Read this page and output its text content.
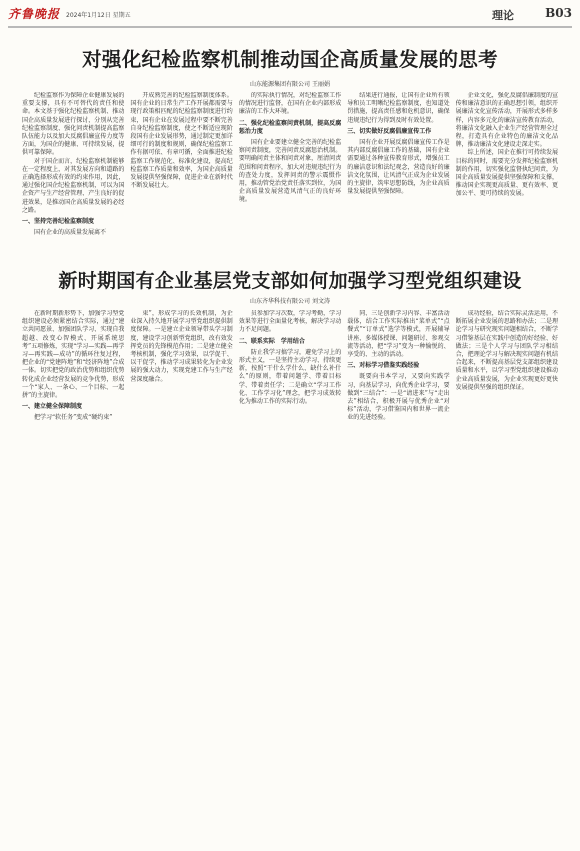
齐鲁晚报 2024年1月12日 星期五	理论	B03
对强化纪检监察机制推动国企高质量发展的思考
山东能源集团有限公司 王丽娟

纪检监察作为保障企业健康发展的重要支撑，具有不可替代的责任和使命。本文基于强化纪检监察机制、推动国企高质量发展进行探讨，分别从完善纪检监察制度、强化问责机制提高监察队伍能力以及加大反腐倡廉宣传力度等方面，为国企的健康、可持续发展，提供可靠保障。

对于国企而言，纪检监察机制能够在一定程度上，对其发展方向和道路的正确选择形成有效的约束作用，因此，通过强化国企纪检监察机制，可以为国企资产与生产经营管理、产生良好的促进效果，是推动国企高质量发展的必经之路。

一、坚持完善纪检监察制度

国有企业的高质量发展离不

开成熟完善的纪检监察制度体系。国有企业的日常生产工作开展都需要与现行政策相匹配的纪检监察制度进行约束，国有企业在发展过程中要不断完善自身纪检监察制度，使之不断适应现阶段国有企业发展形势，通过制定更加详细可行的制度和规则，确保纪检监察工作有据可依、有章可循，全面推进纪检监察工作规范化、标准化建设，提高纪检监察工作质量和效率，为国企高质量发展提供坚强保障，促进企业在新时代不断发展壮大。

的实际执行情况，对纪检监察工作的情况进行监督，在国有企业内部形成廉洁的工作大环境。

二、强化纪检监察问责机制，提高反腐惩治力度

国有企业要建立健全完善的纪检监察问责制度，完善问责反腐惩治机制。要明确问责主体和问责对象，厘清问责范围和问责程序，加大对违规违纪行为的查处力度，发挥问责的警示震慑作用，推动管党治党责任落实到位，为国企高质量发展营造风清气正的良好环境。

结果进行通报，让国有企业所有领导和员工明晰纪检监察制度，也知道处罚措施，提高责任感和危机意识，确保违规违纪行为得到及时有效处置。

三、切实做好反腐倡廉宣传工作

国有企业开展反腐倡廉宣传工作是其内部反腐倡廉工作的基础，国有企业需要通过各种宣传教育形式，增强员工的廉洁意识和法纪观念，营造良好的廉洁文化氛围，让风清气正成为企业发展的主旋律，筑牢思想防线，为企业高质量发展提供坚强保障。

企业文化，强化反腐倡廉制度的宣传和廉洁意识的正确思想引领，组织开展廉洁文化宣传活动，开展形式多样多样，内容多元化的廉洁宣传教育活动，将廉洁文化融入企业生产经营管理全过程，打造具有企业特色的廉洁文化品牌，推动廉洁文化建设走深走实。

综上所述，国企在推行可持续发展目标的同时，需要充分发挥纪检监察机制的作用，切实强化监督执纪问责，为国企高质量发展提供坚强保障和支撑，推动国企实现更高质量、更有效率、更加公平、更可持续的发展。

新时期国有企业基层党支部如何加强学习型党组织建设
山东齐华科技有限公司 刘文涛

在新时期新形势下，加强学习型党组织建设必须紧密结合实际，通过“建立共同愿景、加强团队学习、实现自我超越、改变心智模式、开展系统思考”五项修炼，实现“学习—实践—再学习—再实践—成功”的循环往复过程，把企业的“党建阵地”和“经济阵地”合成一体。切实把党的政治优势和组织优势转化成企业经营发展的竞争优势，形成一个“家人、一条心、一个目标、一起拼”的主旋律。

一、建立健全保障制度

把学习“软任务”变成“硬约束”

束”，形成学习的长效机制，为企业深入持久地开展学习型党组织提供制度保障。一是建立企业领导带头学习制度，建设学习创新型党组织，改有效发挥党员的先锋模范作用；二是建立健全考核机制，强化学习效果，以学促干、以干促学，推动学习成果转化为企业发展的强大动力，实现党建工作与生产经营深度融合。

员参加学习次数，学习考勤，学习效果等进行全面量化考核，解决学习动力不足问题。

二、联系实际　学用结合

防止我学习搞学习，避免学习上的形式主义，一是坚持主动学习、持续更新，按照“干什么学什么、缺什么补什么”的原则，带着问题学、带着目标学、带着责任学；二是确立“学习工作化、工作学习化”理念，把学习成效转化为推动工作的实际行动。

同、三是创新学习内容、丰富活动载体，结合工作实际推出“菜单式”“点餐式”“订单式”选学等模式，开展辅导讲座、多媒体授课、问题研讨、参观交流等活动，把“学习”变为一种愉悦的、享受的、主动的活动。

三、对标学习借鉴实践经验

既要向书本学习，又要向实践学习，向基层学习，向优秀企业学习，要做到“三结合”：一是“请进来”与“走出去”相结合，积极开展与优秀企业“对标”活动，学习借鉴国内和世界一流企业的先进经验。

成功经验，结合实际灵活运用，不断拓展企业发展的思路和办法；二是理论学习与研究现实问题相结合，不断学习借鉴基层在实践中创造的好经验、好做法；三是个人学习与团队学习相结合，把理论学习与解决现实问题有机结合起来，不断提高基层党支部组织建设质量和水平，以学习型党组织建设推动企业高质量发展，为企业实现更好更快发展提供坚强的组织保证。
